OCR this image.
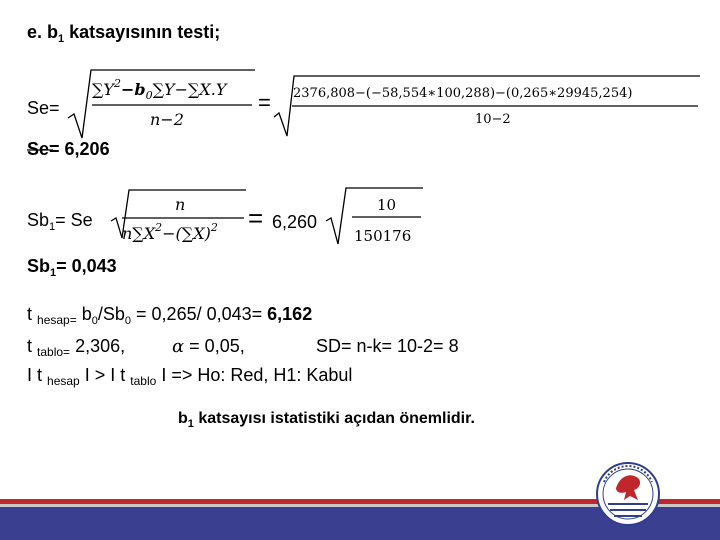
e. $b_1$ katsayısının testi;
Se=
$\sum Y^2-b_0\sum Y-\sum X.Y$
n−2
= 2376,808−(−58,554∗100,288)−(0,265∗29945,254)
10−2
Se= 6,206
$Sb_1= Se$
n
$n\sum X^2-(\sum X)^2 = 6,260$
10
150176
$Sb_1= 0,043$
t $_{hesap=}$ $b_0/Sb_0 = 0,265/$ 0,043= 6,162
t $_{tablo=}$ 2,306,	α = 0,05,	SD= n-k= 10-2= 8
I t $_{hesap}$ I > I t $_{tablo}$ I => Ho: Red, H1: Kabul
$b_1$ katsayısı istatistiki açıdan önemlidir.
